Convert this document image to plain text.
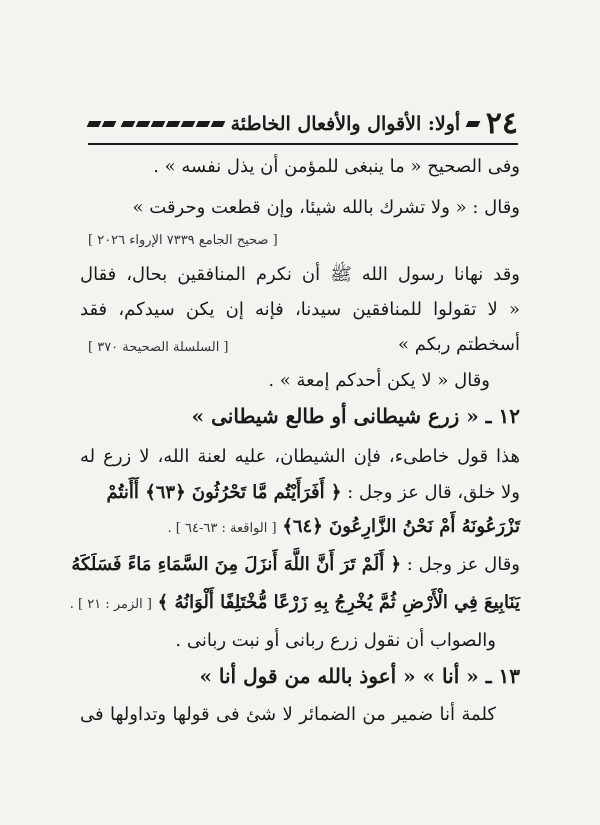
٢٤
أولا: الأقوال والأفعال الخاطئة
وفى الصحيح « ما ينبغى للمؤمن أن يذل نفسه » .
وقال : « ولا تشرك بالله شيئا، وإن قطعت وحرقت »
[ صحيح الجامع ٧٣٣٩ الإرواء ٢٠٢٦ ]
وقد نهانا رسول الله ﷺ أن نكرم المنافقين بحال، فقال
« لا تقولوا للمنافقين سيدنا، فإنه إن يكن سيدكم، فقد
أسخطتم ربكم »
[ السلسلة الصحيحة ٣٧٠ ]
وقال « لا يكن أحدكم إمعة » .
١٢ ـ « زرع شيطانى أو طالع شيطانى »
هذا قول خاطىء، فإن الشيطان، عليه لعنة الله، لا زرع له
ولا خلق، قال عز وجل : ﴿ أَفَرَأَيْتُم مَّا تَحْرُثُونَ ﴿٦٣﴾ أَأَنتُمْ
تَزْرَعُونَهُ أَمْ نَحْنُ الزَّارِعُونَ ﴿٦٤﴾ [ الواقعة : ٦٣-٦٤ ] .
وقال عز وجل : ﴿ أَلَمْ تَرَ أَنَّ اللَّهَ أَنزَلَ مِنَ السَّمَاءِ مَاءً فَسَلَكَهُ
يَنَابِيعَ فِي الْأَرْضِ ثُمَّ يُخْرِجُ بِهِ زَرْعًا مُّخْتَلِفًا أَلْوَانُهُ ﴾ [ الزمر : ٢١ ] .
والصواب أن نقول زرع ربانى أو نبت ربانى .
١٣ ـ « أنا » « أعوذ بالله من قول أنا »
كلمة أنا ضمير من الضمائر لا شئ فى قولها وتداولها فى
